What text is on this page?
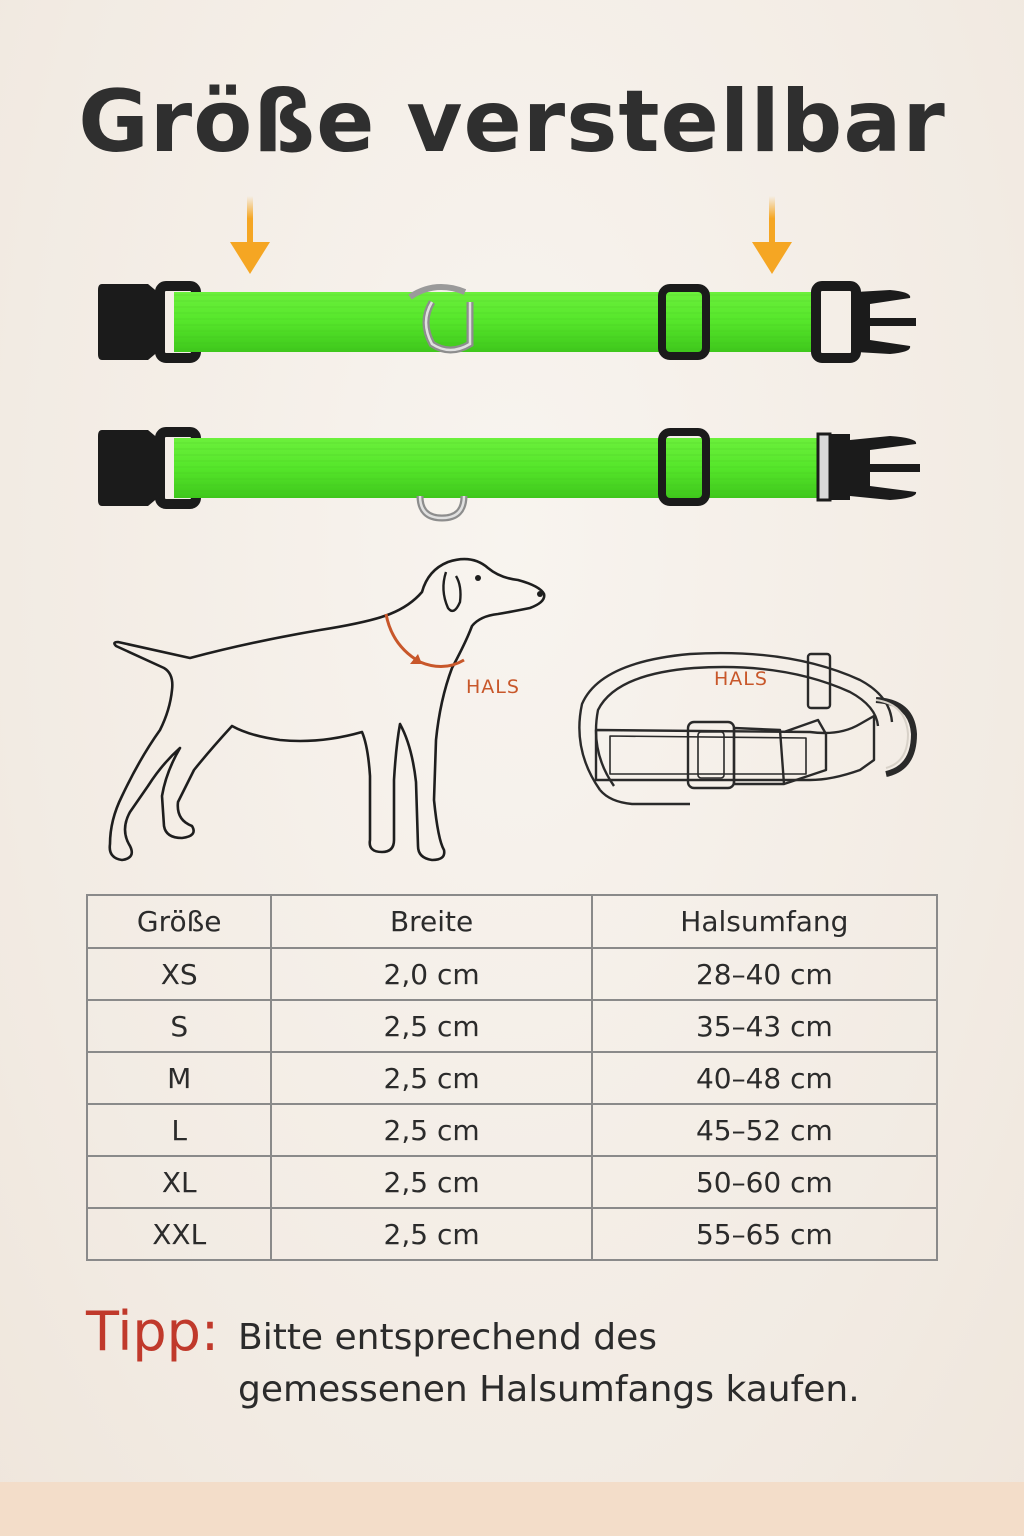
Größe verstellbar
HALS	HALS
Größe	Breite	Halsumfang
XS	2,0 cm	28–40 cm
S	2,5 cm	35–43 cm
M	2,5 cm	40–48 cm
L	2,5 cm	45–52 cm
XL	2,5 cm	50–60 cm
XXL	2,5 cm	55–65 cm
Tipp: Bitte entsprechend des
gemessenen Halsumfangs kaufen.
